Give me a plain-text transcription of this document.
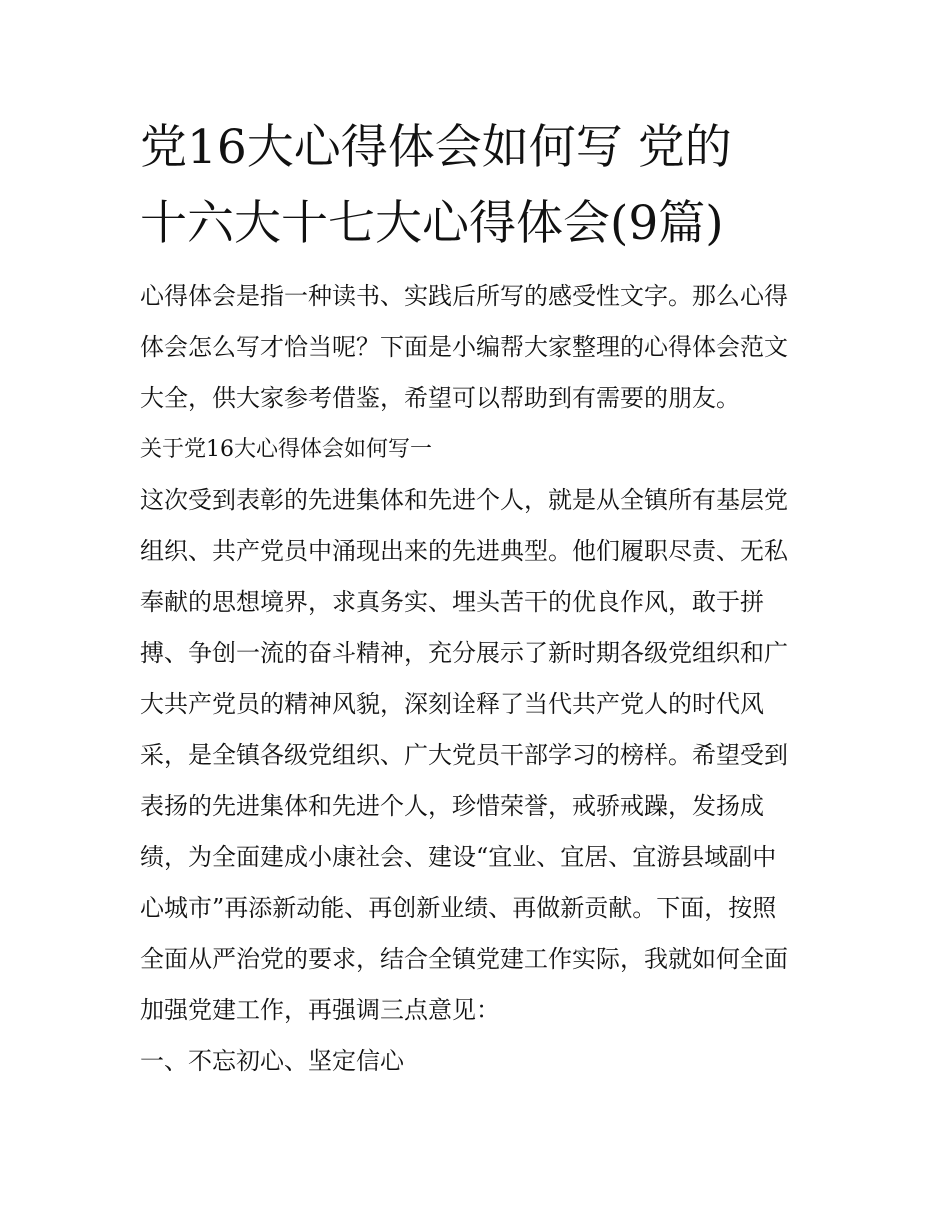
党16大心得体会如何写 党的
十六大十七大心得体会(9篇)

心得体会是指一种读书、实践后所写的感受性文字。那么心得
体会怎么写才恰当呢？下面是小编帮大家整理的心得体会范文
大全，供大家参考借鉴，希望可以帮助到有需要的朋友。

关于党16大心得体会如何写一

这次受到表彰的先进集体和先进个人，就是从全镇所有基层党
组织、共产党员中涌现出来的先进典型。他们履职尽责、无私
奉献的思想境界，求真务实、埋头苦干的优良作风，敢于拼
搏、争创一流的奋斗精神，充分展示了新时期各级党组织和广
大共产党员的精神风貌，深刻诠释了当代共产党人的时代风
采，是全镇各级党组织、广大党员干部学习的榜样。希望受到
表扬的先进集体和先进个人，珍惜荣誉，戒骄戒躁，发扬成
绩，为全面建成小康社会、建设“宜业、宜居、宜游县域副中
心城市”再添新动能、再创新业绩、再做新贡献。下面，按照
全面从严治党的要求，结合全镇党建工作实际，我就如何全面
加强党建工作，再强调三点意见：

一、不忘初心、坚定信心
